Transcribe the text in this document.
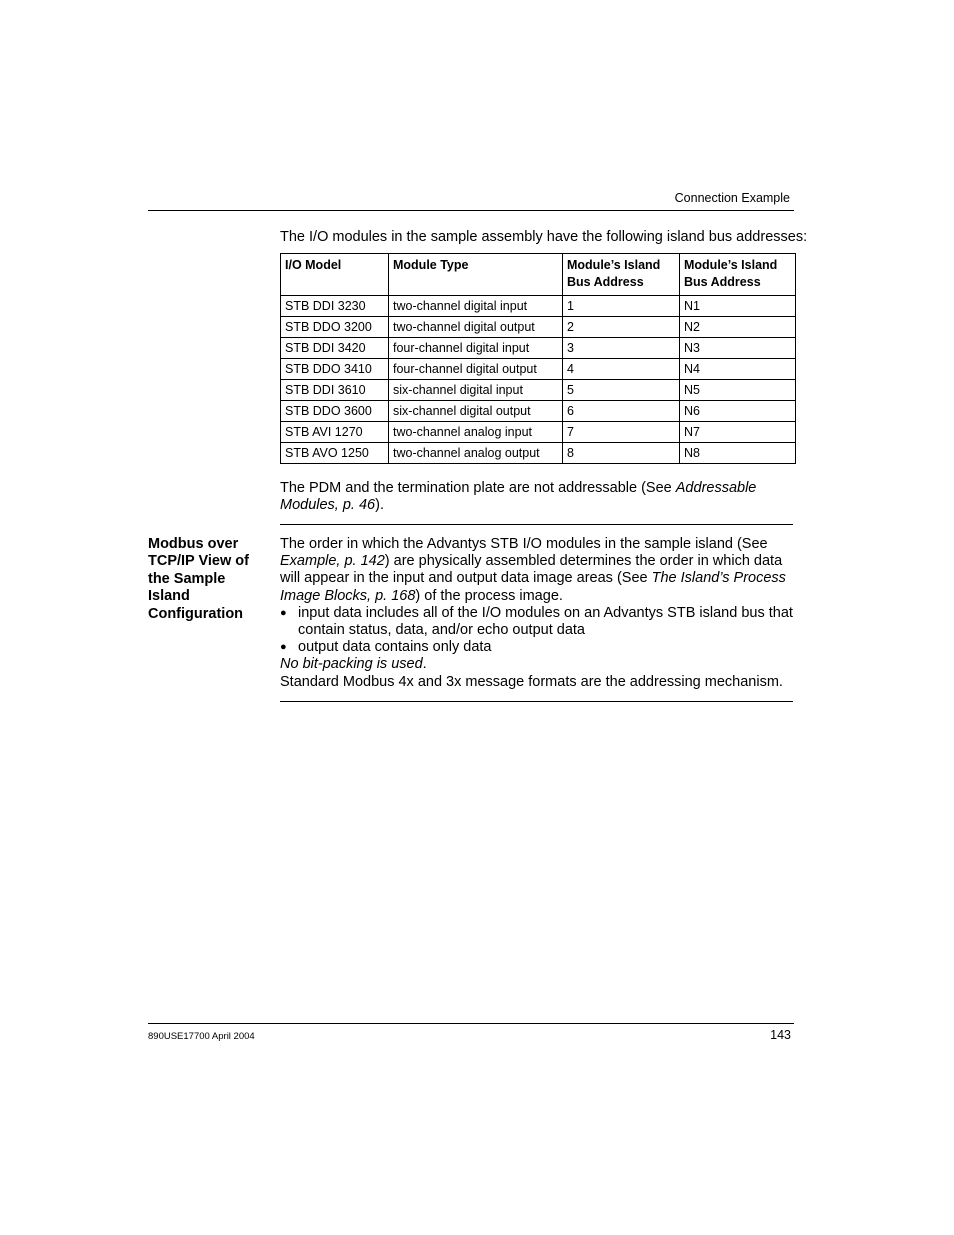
Connection Example
The I/O modules in the sample assembly have the following island bus addresses:
I/O Model	Module Type	Module’s Island Bus Address	Module’s Island Bus Address
STB DDI 3230	two-channel digital input	1	N1
STB DDO 3200	two-channel digital output	2	N2
STB DDI 3420	four-channel digital input	3	N3
STB DDO 3410	four-channel digital output	4	N4
STB DDI 3610	six-channel digital input	5	N5
STB DDO 3600	six-channel digital output	6	N6
STB AVI 1270	two-channel analog input	7	N7
STB AVO 1250	two-channel analog output	8	N8
The PDM and the termination plate are not addressable (See Addressable Modules, p. 46).
Modbus over TCP/IP View of the Sample Island Configuration

The order in which the Advantys STB I/O modules in the sample island (See Example, p. 142) are physically assembled determines the order in which data will appear in the input and output data image areas (See The Island’s Process Image Blocks, p. 168) of the process image.

● input data includes all of the I/O modules on an Advantys STB island bus that contain status, data, and/or echo output data
● output data contains only data

No bit-packing is used.

Standard Modbus 4x and 3x message formats are the addressing mechanism.

890USE17700 April 2004	143
